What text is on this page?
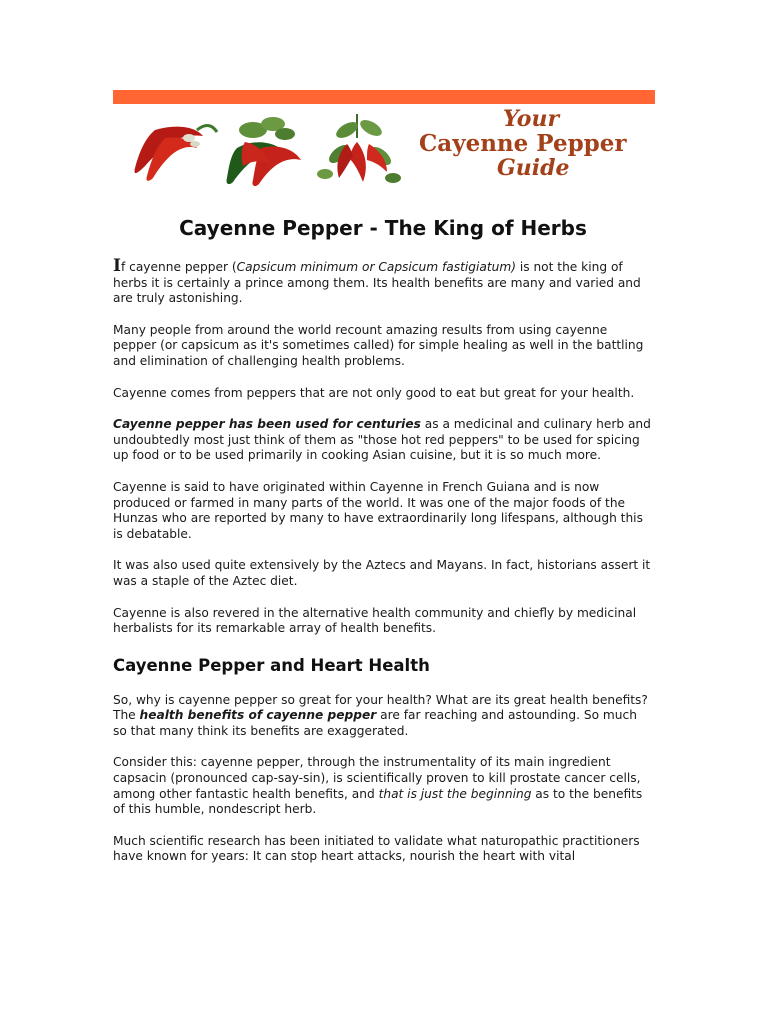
Your
Cayenne Pepper
Guide
Cayenne Pepper - The King of Herbs

If cayenne pepper (Capsicum minimum or Capsicum fastigiatum) is not the king of herbs it is certainly a prince among them. Its health benefits are many and varied and are truly astonishing.

Many people from around the world recount amazing results from using cayenne pepper (or capsicum as it's sometimes called) for simple healing as well in the battling and elimination of challenging health problems.

Cayenne comes from peppers that are not only good to eat but great for your health.

Cayenne pepper has been used for centuries as a medicinal and culinary herb and undoubtedly most just think of them as "those hot red peppers" to be used for spicing up food or to be used primarily in cooking Asian cuisine, but it is so much more.

Cayenne is said to have originated within Cayenne in French Guiana and is now produced or farmed in many parts of the world. It was one of the major foods of the Hunzas who are reported by many to have extraordinarily long lifespans, although this is debatable.

It was also used quite extensively by the Aztecs and Mayans. In fact, historians assert it was a staple of the Aztec diet.

Cayenne is also revered in the alternative health community and chiefly by medicinal herbalists for its remarkable array of health benefits.

Cayenne Pepper and Heart Health

So, why is cayenne pepper so great for your health? What are its great health benefits? The health benefits of cayenne pepper are far reaching and astounding. So much so that many think its benefits are exaggerated.

Consider this: cayenne pepper, through the instrumentality of its main ingredient capsacin (pronounced cap-say-sin), is scientifically proven to kill prostate cancer cells, among other fantastic health benefits, and that is just the beginning as to the benefits of this humble, nondescript herb.

Much scientific research has been initiated to validate what naturopathic practitioners have known for years: It can stop heart attacks, nourish the heart with vital
